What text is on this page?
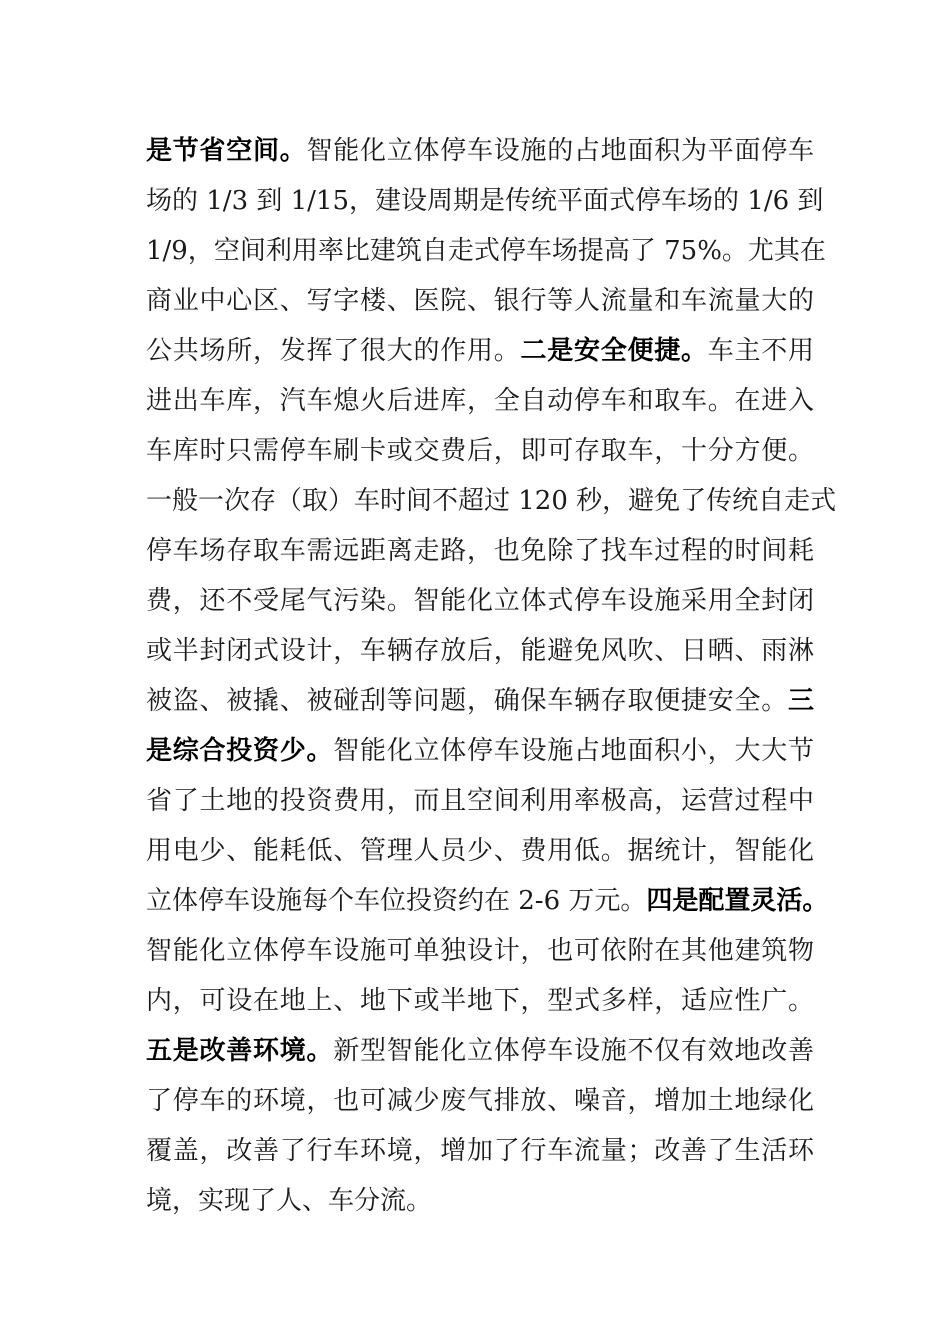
是节省空间。智能化立体停车设施的占地面积为平面停车
场的 1/3 到 1/15，建设周期是传统平面式停车场的 1/6 到
1/9，空间利用率比建筑自走式停车场提高了 75%。尤其在
商业中心区、写字楼、医院、银行等人流量和车流量大的
公共场所，发挥了很大的作用。二是安全便捷。车主不用
进出车库，汽车熄火后进库，全自动停车和取车。在进入
车库时只需停车刷卡或交费后，即可存取车，十分方便。
一般一次存（取）车时间不超过 120 秒，避免了传统自走式
停车场存取车需远距离走路，也免除了找车过程的时间耗
费，还不受尾气污染。智能化立体式停车设施采用全封闭
或半封闭式设计，车辆存放后，能避免风吹、日晒、雨淋
被盗、被撬、被碰刮等问题，确保车辆存取便捷安全。三
是综合投资少。智能化立体停车设施占地面积小，大大节
省了土地的投资费用，而且空间利用率极高，运营过程中
用电少、能耗低、管理人员少、费用低。据统计，智能化
立体停车设施每个车位投资约在 2-6 万元。四是配置灵活。
智能化立体停车设施可单独设计，也可依附在其他建筑物
内，可设在地上、地下或半地下，型式多样，适应性广。
五是改善环境。新型智能化立体停车设施不仅有效地改善
了停车的环境，也可减少废气排放、噪音，增加土地绿化
覆盖，改善了行车环境，增加了行车流量；改善了生活环
境，实现了人、车分流。
